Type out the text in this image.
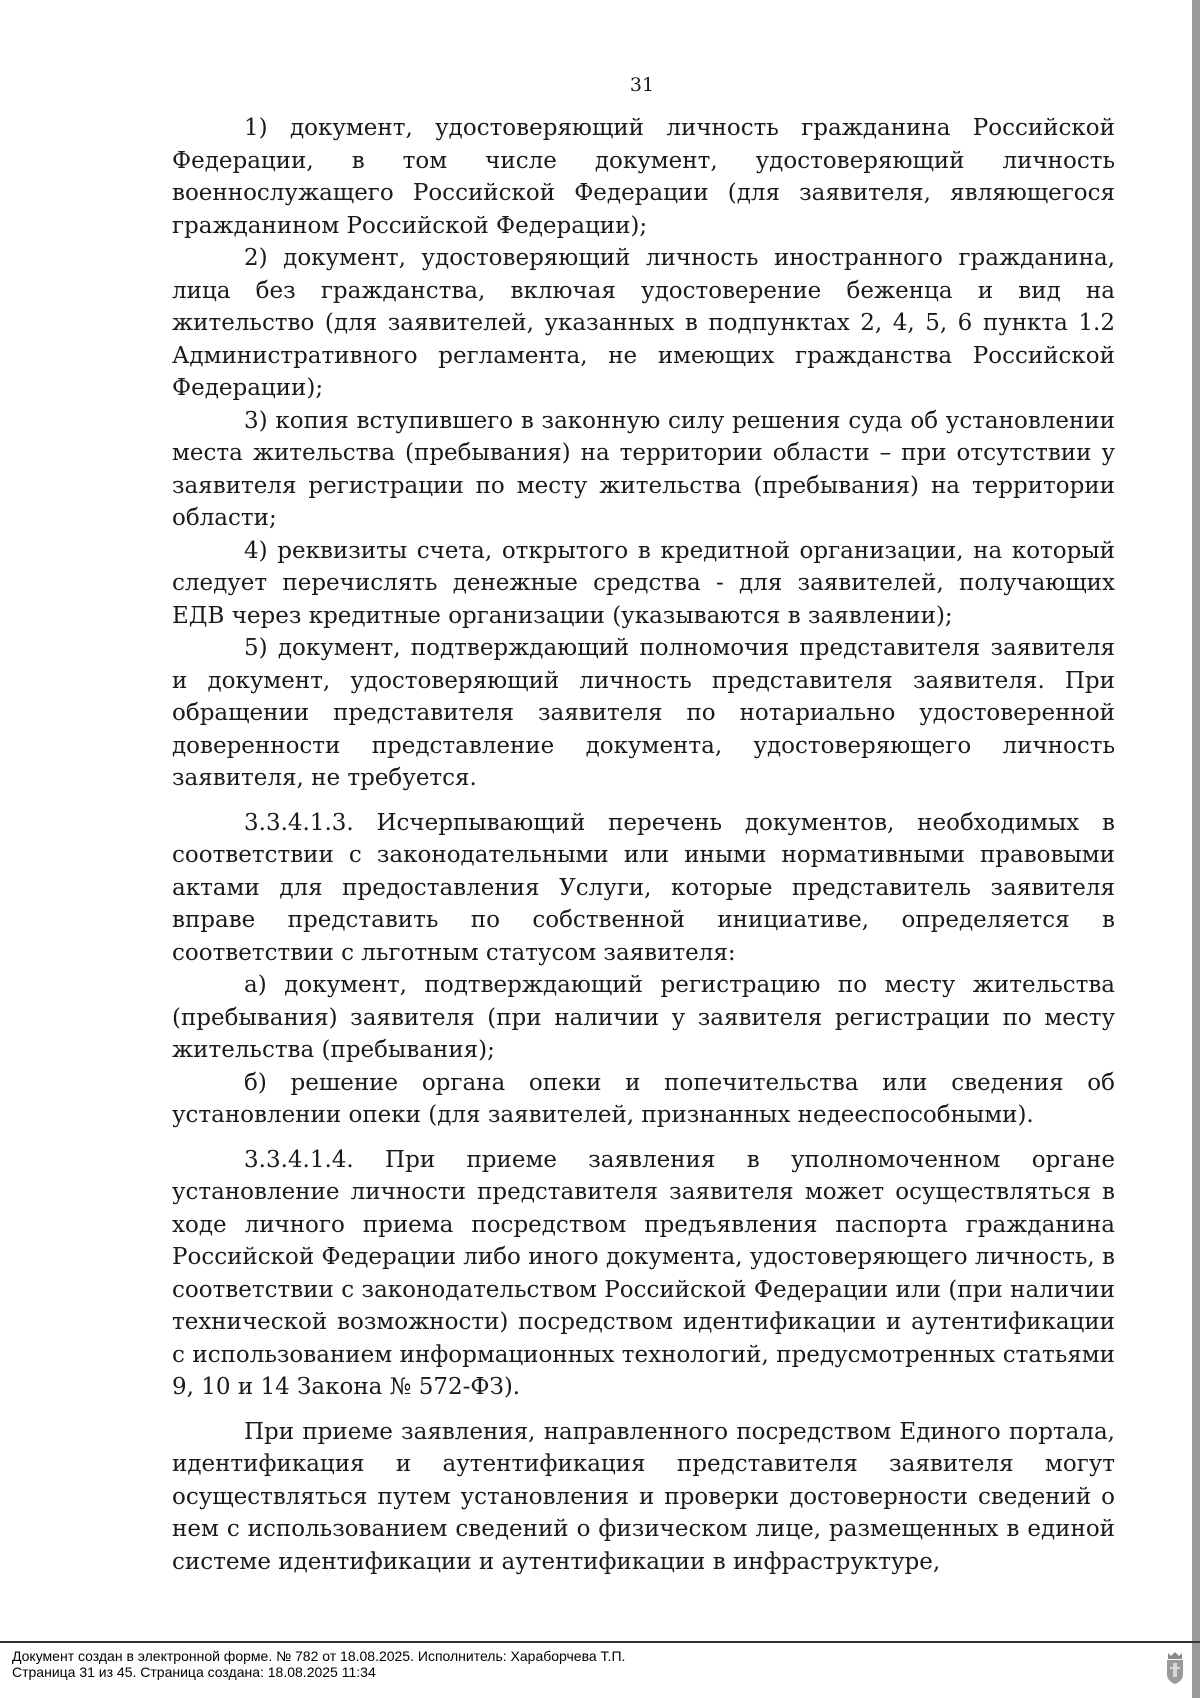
31

1) документ, удостоверяющий личность гражданина Российской Федерации, в том числе документ, удостоверяющий личность военнослужащего Российской Федерации (для заявителя, являющегося гражданином Российской Федерации);

2) документ, удостоверяющий личность иностранного гражданина, лица без гражданства, включая удостоверение беженца и вид на жительство (для заявителей, указанных в подпунктах 2, 4, 5, 6 пункта 1.2 Административного регламента, не имеющих гражданства Российской Федерации);

3) копия вступившего в законную силу решения суда об установлении места жительства (пребывания) на территории области – при отсутствии у заявителя регистрации по месту жительства (пребывания) на территории области;

4) реквизиты счета, открытого в кредитной организации, на который следует перечислять денежные средства - для заявителей, получающих ЕДВ через кредитные организации (указываются в заявлении);

5) документ, подтверждающий полномочия представителя заявителя и документ, удостоверяющий личность представителя заявителя. При обращении представителя заявителя по нотариально удостоверенной доверенности представление документа, удостоверяющего личность заявителя, не требуется.

3.3.4.1.3. Исчерпывающий перечень документов, необходимых в соответствии с законодательными или иными нормативными правовыми актами для предоставления Услуги, которые представитель заявителя вправе представить по собственной инициативе, определяется в соответствии с льготным статусом заявителя:

а) документ, подтверждающий регистрацию по месту жительства (пребывания) заявителя (при наличии у заявителя регистрации по месту жительства (пребывания);

б) решение органа опеки и попечительства или сведения об установлении опеки (для заявителей, признанных недееспособными).

3.3.4.1.4. При приеме заявления в уполномоченном органе установление личности представителя заявителя может осуществляться в ходе личного приема посредством предъявления паспорта гражданина Российской Федерации либо иного документа, удостоверяющего личность, в соответствии с законодательством Российской Федерации или (при наличии технической возможности) посредством идентификации и аутентификации с использованием информационных технологий, предусмотренных статьями 9, 10 и 14 Закона № 572-ФЗ).

При приеме заявления, направленного посредством Единого портала, идентификация и аутентификация представителя заявителя могут осуществляться путем установления и проверки достоверности сведений о нем с использованием сведений о физическом лице, размещенных в единой системе идентификации и аутентификации в инфраструктуре,

Документ создан в электронной форме. № 782 от 18.08.2025. Исполнитель: Хараборчева Т.П.
Страница 31 из 45. Страница создана: 18.08.2025 11:34
